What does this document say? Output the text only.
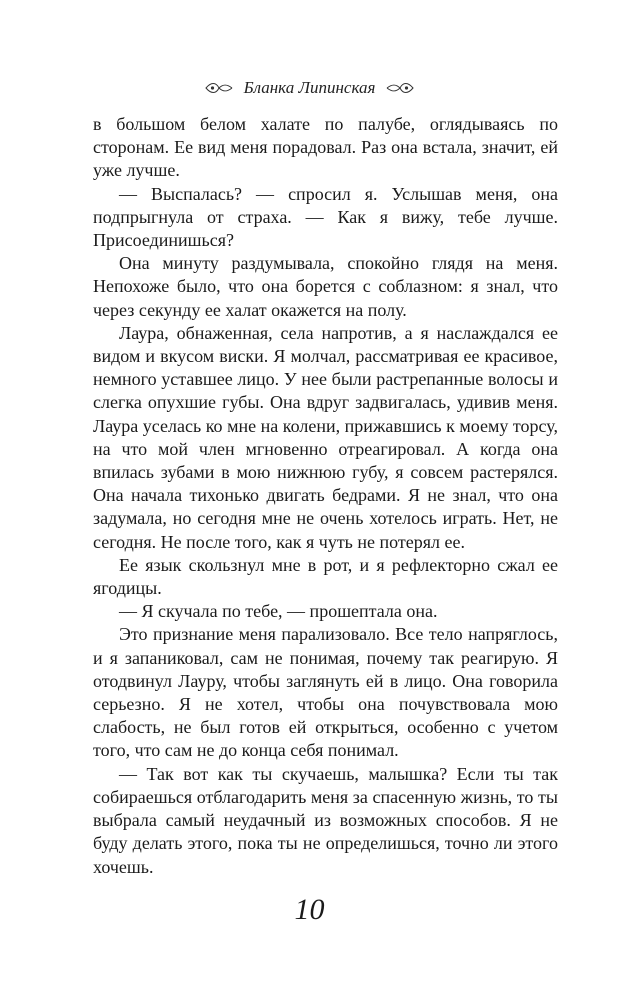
Бланка Липинская

в большом белом халате по палубе, оглядываясь по сторонам. Ее вид меня порадовал. Раз она встала, значит, ей уже лучше.

— Выспалась? — спросил я. Услышав меня, она подпрыгнула от страха. — Как я вижу, тебе лучше. Присоединишься?

Она минуту раздумывала, спокойно глядя на меня. Непохоже было, что она борется с соблазном: я знал, что через секунду ее халат окажется на полу.

Лаура, обнаженная, села напротив, а я наслаждался ее видом и вкусом виски. Я молчал, рассматривая ее красивое, немного уставшее лицо. У нее были растрепанные волосы и слегка опухшие губы. Она вдруг задвигалась, удивив меня. Лаура уселась ко мне на колени, прижавшись к моему торсу, на что мой член мгновенно отреагировал. А когда она впилась зубами в мою нижнюю губу, я совсем растерялся. Она начала тихонько двигать бедрами. Я не знал, что она задумала, но сегодня мне не очень хотелось играть. Нет, не сегодня. Не после того, как я чуть не потерял ее.

Ее язык скользнул мне в рот, и я рефлекторно сжал ее ягодицы.

— Я скучала по тебе, — прошептала она.

Это признание меня парализовало. Все тело напряглось, и я запаниковал, сам не понимая, почему так реагирую. Я отодвинул Лауру, чтобы заглянуть ей в лицо. Она говорила серьезно. Я не хотел, чтобы она почувствовала мою слабость, не был готов ей открыться, особенно с учетом того, что сам не до конца себя понимал.

— Так вот как ты скучаешь, малышка? Если ты так собираешься отблагодарить меня за спасенную жизнь, то ты выбрала самый неудачный из возможных способов. Я не буду делать этого, пока ты не определишься, точно ли этого хочешь.

10
